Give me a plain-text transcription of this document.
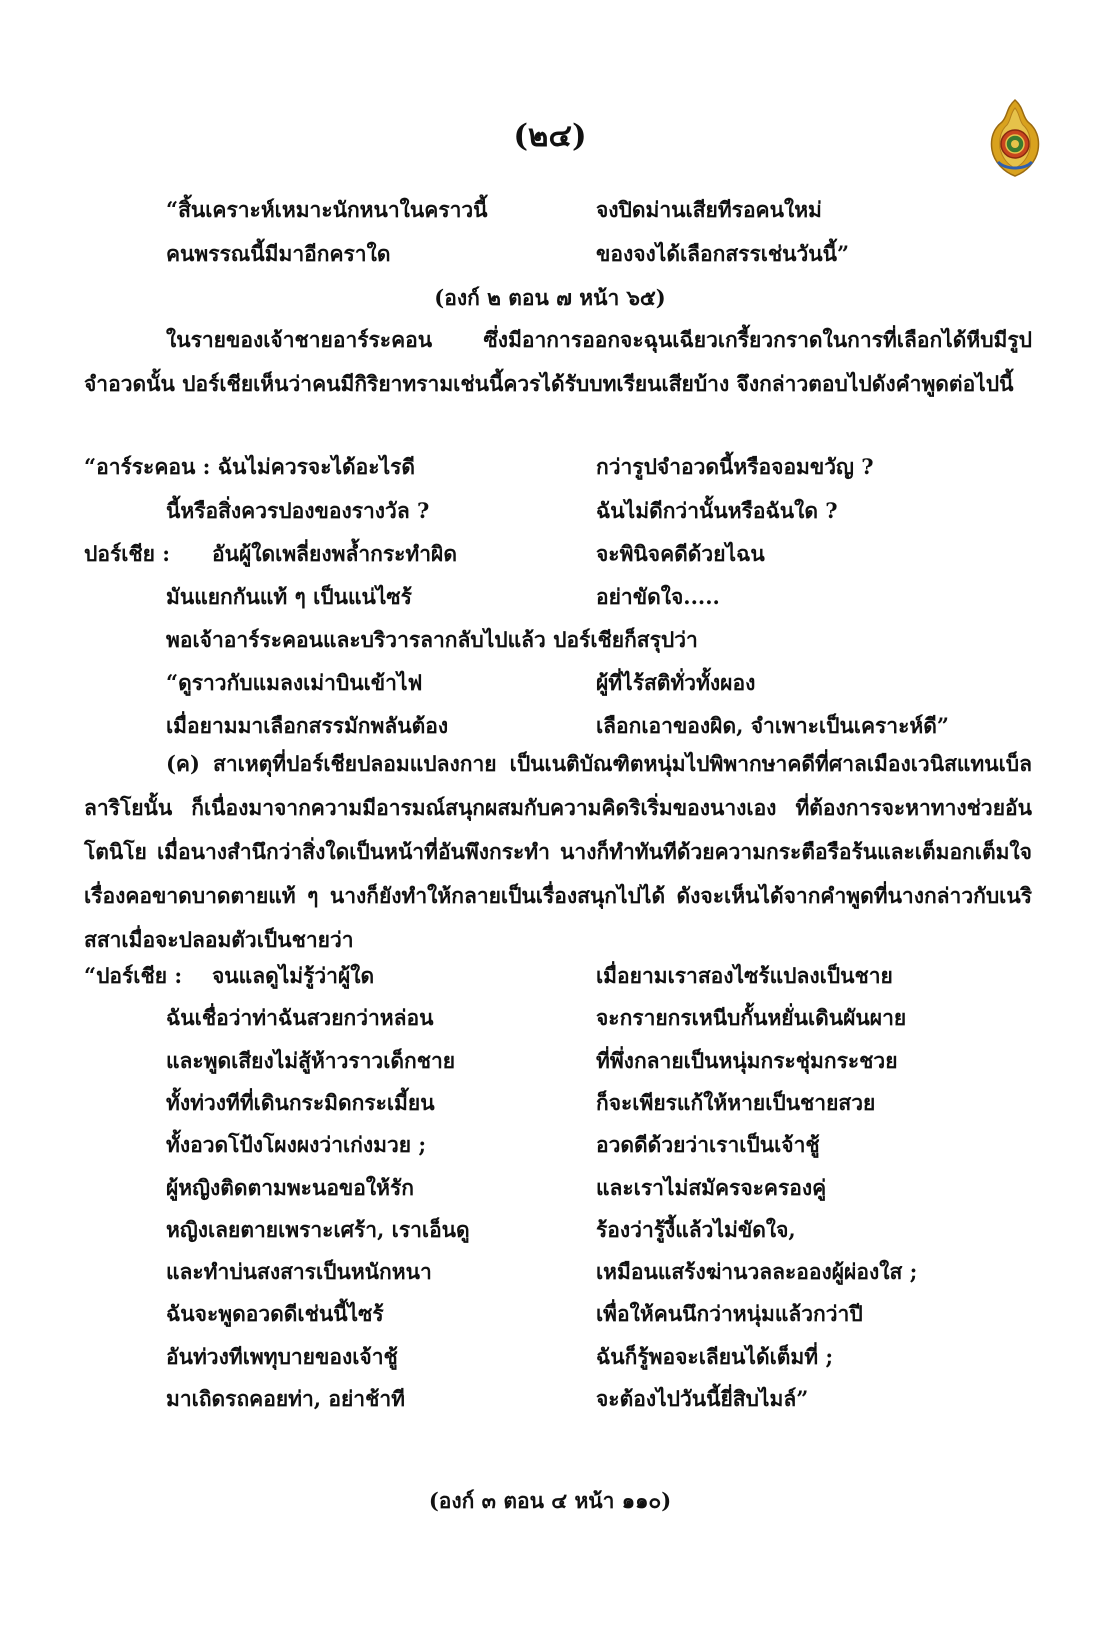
(๒๔)
“สิ้นเคราะห์เหมาะนักหนาในคราวนี้	จงปิดม่านเสียทีรอคนใหม่
คนพรรณนี้มีมาอีกคราใด	ของจงได้เลือกสรรเช่นวันนี้”
(องก์ ๒ ตอน ๗ หน้า ๖๕)
ในรายของเจ้าชายอาร์ระคอน ซึ่งมีอาการออกจะฉุนเฉียวเกรี้ยวกราดในการที่เลือกได้หีบมีรูปจำอวดนั้น ปอร์เชียเห็นว่าคนมีกิริยาทรามเช่นนี้ควรได้รับบทเรียนเสียบ้าง จึงกล่าวตอบไปดังคำพูดต่อไปนี้
“อาร์ระคอน : ฉันไม่ควรจะได้อะไรดี	กว่ารูปจำอวดนี้หรือจอมขวัญ ?
นี้หรือสิ่งควรปองของรางวัล ?	ฉันไม่ดีกว่านั้นหรือฉันใด ?
ปอร์เชีย : อันผู้ใดเพลี่ยงพล้ำกระทำผิด	จะพินิจคดีด้วยไฉน
มันแยกกันแท้ ๆ เป็นแน่ไซร้	อย่าขัดใจ.....
พอเจ้าอาร์ระคอนและบริวารลากลับไปแล้ว ปอร์เชียก็สรุปว่า
“ดูราวกับแมลงเม่าบินเข้าไฟ	ผู้ที่ไร้สติทั่วทั้งผอง
เมื่อยามมาเลือกสรรมักพลันต้อง	เลือกเอาของผิด, จำเพาะเป็นเคราะห์ดี”
(ค) สาเหตุที่ปอร์เชียปลอมแปลงกาย เป็นเนติบัณฑิตหนุ่มไปพิพากษาคดีที่ศาลเมืองเวนิสแทนเบ็ลลาริโยนั้น ก็เนื่องมาจากความมีอารมณ์สนุกผสมกับความคิดริเริ่มของนางเอง ที่ต้องการจะหาทางช่วยอันโตนิโย เมื่อนางสำนึกว่าสิ่งใดเป็นหน้าที่อันพึงกระทำ นางก็ทำทันทีด้วยความกระตือรือร้นและเต็มอกเต็มใจ เรื่องคอขาดบาดตายแท้ ๆ นางก็ยังทำให้กลายเป็นเรื่องสนุกไปได้ ดังจะเห็นได้จากคำพูดที่นางกล่าวกับเนริสสาเมื่อจะปลอมตัวเป็นชายว่า
“ปอร์เชีย : จนแลดูไม่รู้ว่าผู้ใด	เมื่อยามเราสองไซร้แปลงเป็นชาย
ฉันเชื่อว่าท่าฉันสวยกว่าหล่อน	จะกรายกรเหนีบกั้นหยั่นเดินผันผาย
และพูดเสียงไม่สู้ห้าวราวเด็กชาย	ที่พึ่งกลายเป็นหนุ่มกระชุ่มกระชวย
ทั้งท่วงทีที่เดินกระมิดกระเมี้ยน	ก็จะเพียรแก้ให้หายเป็นชายสวย
ทั้งอวดโป้งโผงผงว่าเก่งมวย ;	อวดดีด้วยว่าเราเป็นเจ้าชู้
ผู้หญิงติดตามพะนอขอให้รัก	และเราไม่สมัครจะครองคู่
หญิงเลยตายเพราะเศร้า, เราเอ็นดู	ร้องว่ารู้งี้แล้วไม่ขัดใจ,
และทำบ่นสงสารเป็นหนักหนา	เหมือนแสร้งฆ่านวลละอองผู้ผ่องใส ;
ฉันจะพูดอวดดีเช่นนี้ไซร้	เพื่อให้คนนึกว่าหนุ่มแล้วกว่าปี
อันท่วงทีเพทุบายของเจ้าชู้	ฉันก็รู้พอจะเลียนได้เต็มที่ ;
มาเถิดรถคอยท่า, อย่าช้าที	จะต้องไปวันนี้ยี่สิบไมล์”
(องก์ ๓ ตอน ๔ หน้า ๑๑๐)
